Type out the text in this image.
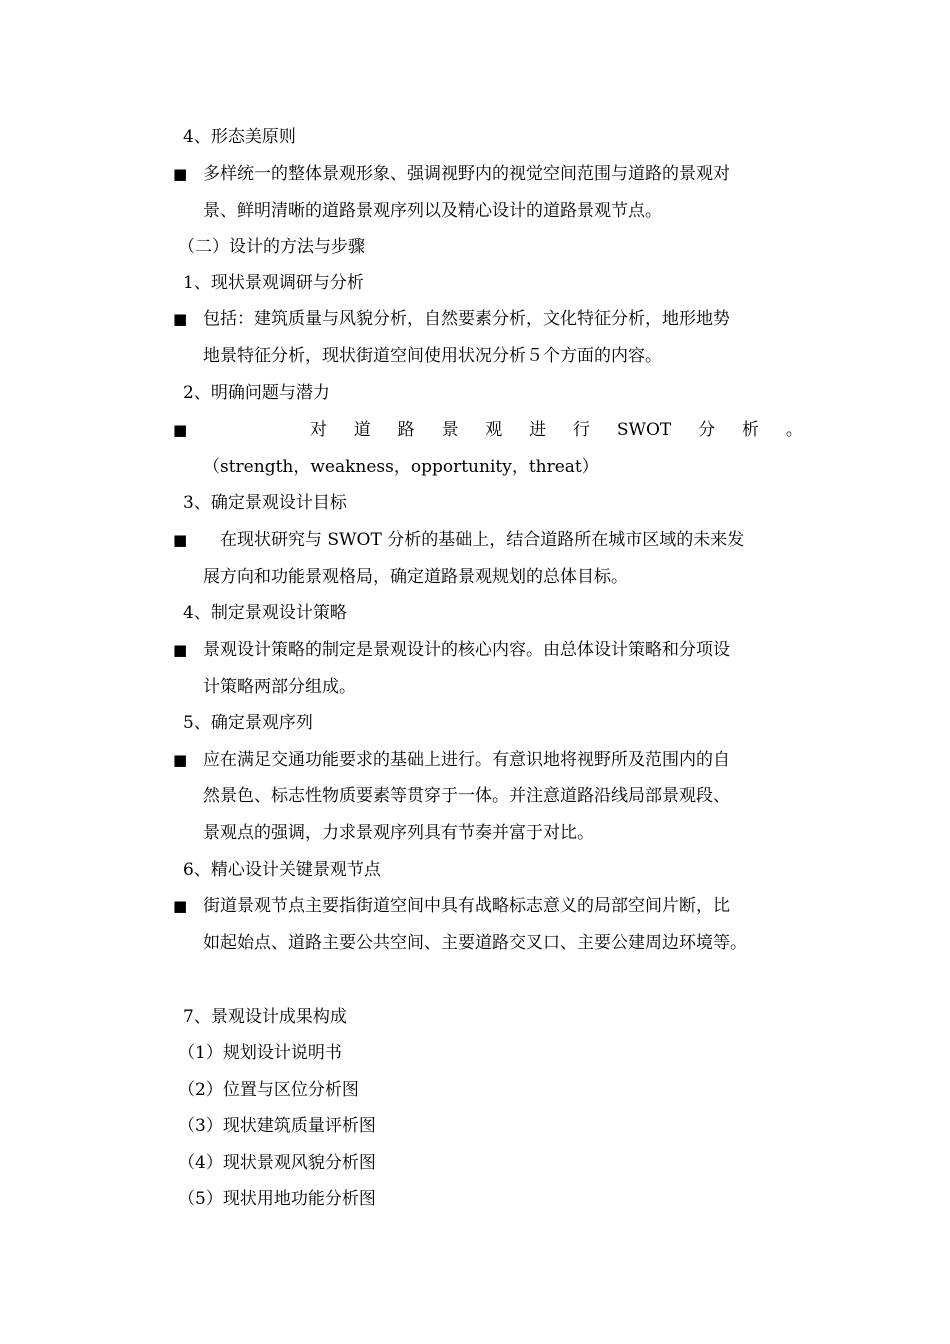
4、形态美原则
■ 多样统一的整体景观形象、强调视野内的视觉空间范围与道路的景观对
景、鲜明清晰的道路景观序列以及精心设计的道路景观节点。
（二）设计的方法与步骤
1、现状景观调研与分析
■ 包括：建筑质量与风貌分析，自然要素分析，文化特征分析，地形地势
地景特征分析，现状街道空间使用状况分析５个方面的内容。
2、明确问题与潜力
■	对 道 路 景 观 进 行 SWOT 分 析 。
（strength，weakness，opportunity，threat）
3、确定景观设计目标
■ 　在现状研究与 SWOT 分析的基础上，结合道路所在城市区域的未来发
展方向和功能景观格局，确定道路景观规划的总体目标。
4、制定景观设计策略
■ 景观设计策略的制定是景观设计的核心内容。由总体设计策略和分项设
计策略两部分组成。
5、确定景观序列
■ 应在满足交通功能要求的基础上进行。有意识地将视野所及范围内的自
然景色、标志性物质要素等贯穿于一体。并注意道路沿线局部景观段、
景观点的强调，力求景观序列具有节奏并富于对比。
6、精心设计关键景观节点
■ 街道景观节点主要指街道空间中具有战略标志意义的局部空间片断，比
如起始点、道路主要公共空间、主要道路交叉口、主要公建周边环境等。
7、景观设计成果构成
（1）规划设计说明书
（2）位置与区位分析图
（3）现状建筑质量评析图
（4）现状景观风貌分析图
（5）现状用地功能分析图
